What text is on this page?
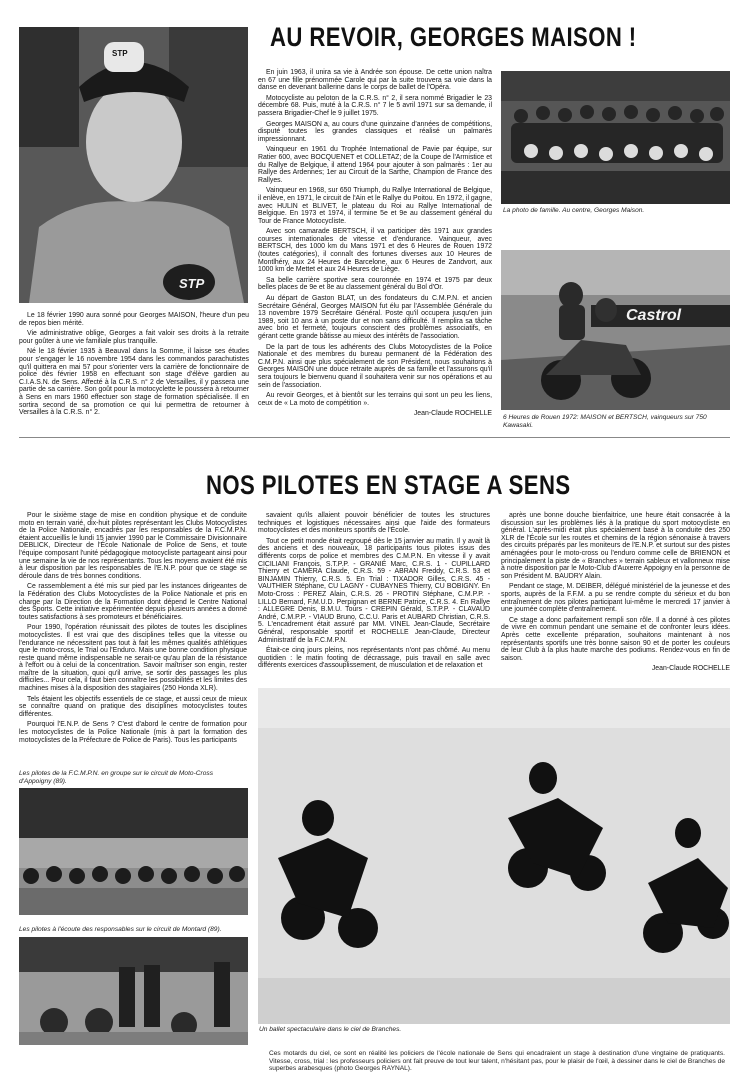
STP
STP
AU REVOIR, GEORGES MAISON !

Le 18 février 1990 aura sonné pour Georges MAISON, l'heure d'un peu de repos bien mérité.

Vie administrative oblige, Georges a fait valoir ses droits à la retraite pour goûter à une vie familiale plus tranquille.

Né le 18 février 1935 à Beauval dans la Somme, il laisse ses études pour s'engager le 16 novembre 1954 dans les commandos parachutistes qu'il quittera en mai 57 pour s'orienter vers la carrière de fonctionnaire de police dès février 1958 en effectuant son stage d'élève gardien au C.I.A.S.N. de Sens. Affecté à la C.R.S. n° 2 de Versailles, il y passera une partie de sa carrière. Son goût pour la motocyclette le poussera à retourner à Sens en mars 1960 effectuer son stage de formation spécialisée. Il en sortira second de sa promotion ce qui lui permettra de retourner à Versailles à la C.R.S. n° 2.

En juin 1963, il unira sa vie à Andrée son épouse. De cette union naîtra en 67 une fille prénommée Carole qui par la suite trouvera sa voie dans la danse en devenant ballerine dans le corps de ballet de l'Opéra.

Motocycliste au peloton de la C.R.S. n° 2, il sera nommé Brigadier le 23 décembre 68. Puis, muté à la C.R.S. n° 7 le 5 avril 1971 sur sa demande, il passera Brigadier-Chef le 9 juillet 1975.

Georges MAISON a, au cours d'une quinzaine d'années de compétitions, disputé toutes les grandes classiques et réalisé un palmarès impressionnant.

Vainqueur en 1961 du Trophée International de Pavie par équipe, sur Ratier 600, avec BOCQUENET et COLLETAZ; de la Coupe de l'Armistice et du Rallye de Belgique, il attend 1964 pour ajouter à son palmarès : 1er au Rallye des Ardennes; 1er au Circuit de la Sarthe, Champion de France des Rallyes.

Vainqueur en 1968, sur 650 Triumph, du Rallye International de Belgique, il enlève, en 1971, le circuit de l'Ain et le Rallye du Poitou. En 1972, il gagne, avec HULIN et BLIVET, le plateau du Roi au Rallye International de Belgique. En 1973 et 1974, il termine 5e et 9e au classement général du Tour de France Motocycliste.

Avec son camarade BERTSCH, il va participer dès 1971 aux grandes courses internationales de vitesse et d'endurance. Vainqueur, avec BERTSCH, des 1000 km du Mans 1971 et des 6 Heures de Rouen 1972 (toutes catégories), il connaît des fortunes diverses aux 10 Heures de Montlhéry, aux 24 Heures de Barcelone, aux 6 Heures de Zandvort, aux 1000 km de Mettet et aux 24 Heures de Liège.

Sa belle carrière sportive sera couronnée en 1974 et 1975 par deux belles places de 9e et 8e au classement général du Bol d'Or.

Au départ de Gaston BLAT, un des fondateurs du C.M.P.N. et ancien Secrétaire Général, Georges MAISON fut élu par l'Assemblée Générale du 13 novembre 1979 Secrétaire Général. Poste qu'il occupera jusqu'en juin 1989, soit 10 ans à un poste dur et non sans difficulté. Il remplira sa tâche avec brio et fermeté, toujours conscient des problèmes associatifs, en gérant cette grande bâtisse au mieux des intérêts de l'association.

De la part de tous les adhérents des Clubs Motocyclistes de la Police Nationale et des membres du bureau permanent de la Fédération des C.M.P.N. ainsi que plus spécialement de son Président, nous souhaitons à Georges MAISON une douce retraite auprès de sa famille et l'assurons qu'il sera toujours le bienvenu quand il souhaitera venir sur nos opérations et au sein de l'association.

Au revoir Georges, et à bientôt sur les terrains qui sont un peu les liens, ceux de « La moto de compétition ».

Jean-Claude ROCHELLE
La photo de famille. Au centre, Georges Maison.
Castrol
6 Heures de Rouen 1972: MAISON et BERTSCH, vainqueurs sur 750 Kawasaki.
NOS PILOTES EN STAGE A SENS

Pour le sixième stage de mise en condition physique et de conduite moto en terrain varié, dix-huit pilotes représentant les Clubs Motocyclistes de la Police Nationale, encadrés par les responsables de la F.C.M.P.N. étaient accueillis le lundi 15 janvier 1990 par le Commissaire Divisionnaire DEBLICK, Directeur de l'École Nationale de Police de Sens, et toute l'équipe composant l'unité pédagogique motocycliste partageant ainsi pour une semaine la vie de nos représentants. Tous les moyens avaient été mis à leur disposition par les responsables de l'E.N.P. pour que ce stage se déroule dans de très bonnes conditions.

Ce rassemblement a été mis sur pied par les instances dirigeantes de la Fédération des Clubs Motocyclistes de la Police Nationale et pris en charge par la Direction de la Formation dont dépend le Centre National des Sports. Cette initiative expérimentée depuis plusieurs années a donné toutes satisfactions à ses promoteurs et bénéficiaires.

Pour 1990, l'opération réunissait des pilotes de toutes les disciplines motocyclistes. Il est vrai que des disciplines telles que la vitesse ou l'endurance ne nécessitent pas tout à fait les mêmes qualités athlétiques que le moto-cross, le Trial ou l'Enduro. Mais une bonne condition physique reste quand même indispensable ne serait-ce qu'au plan de la résistance à l'effort ou à celui de la concentration. Savoir maîtriser son engin, rester maître de la situation, quoi qu'il arrive, se sortir des passages les plus difficiles... Pour cela, il faut bien connaître les possibilités et les limites des machines mises à la disposition des stagiaires (250 Honda XLR).

Tels étaient les objectifs essentiels de ce stage, et aussi ceux de mieux se connaître quand on pratique des disciplines motocyclistes toutes différentes.

Pourquoi l'E.N.P. de Sens ? C'est d'abord le centre de formation pour les motocyclistes de la Police Nationale (mis à part la formation des motocyclistes de la Préfecture de Police de Paris). Tous les participants

savaient qu'ils allaient pouvoir bénéficier de toutes les structures techniques et logistiques nécessaires ainsi que l'aide des formateurs motocyclistes et des moniteurs sportifs de l'École.

Tout ce petit monde était regroupé dès le 15 janvier au matin. Il y avait là des anciens et des nouveaux, 18 participants tous pilotes issus des différents corps de police et membres des C.M.P.N. En vitesse il y avait CICILIANI François, S.T.P.P. - GRANIÉ Marc, C.R.S. 1 - CUPILLARD Thierry et CAMERA Claude, C.R.S. 59 - ABRAN Freddy, C.R.S. 53 et BINJAMIN Thierry, C.R.S. 5. En Trial : TIXADOR Gilles, C.R.S. 45 - VAUTHIER Stéphane, CU LAGNY - CUBAYNES Thierry, CU BOBIGNY. En Moto-Cross : PEREZ Alain, C.R.S. 26 - PROTIN Stéphane, C.M.P.P. - LILLO Bernard, F.M.U.D. Perpignan et BERNE Patrice, C.R.S. 4. En Rallye : ALLEGRE Denis, B.M.U. Tours - CREPIN Gérald, S.T.P.P. - CLAVAUD André, C.M.P.P. - VIAUD Bruno, C.C.U. Paris et AUBARD Christian, C.R.S. 5. L'encadrement était assuré par MM. VINEL Jean-Claude, Secrétaire Général, responsable sportif et ROCHELLE Jean-Claude, Directeur Administratif de la F.C.M.P.N.

Était-ce cinq jours pleins, nos représentants n'ont pas chômé. Au menu quotidien : le matin footing de décrassage, puis travail en salle avec différents exercices d'assouplissement, de musculation et de relaxation et

après une bonne douche bienfaitrice, une heure était consacrée à la discussion sur les problèmes liés à la pratique du sport motocycliste en général. L'après-midi était plus spécialement basé à la conduite des 250 XLR de l'École sur les routes et chemins de la région sénonaise à travers des circuits préparés par les moniteurs de l'E.N.P. et surtout sur des pistes aménagées pour le moto-cross ou l'enduro comme celle de BRIENON et principalement la piste de « Branches » terrain sableux et vallonneux mise à notre disposition par le Moto-Club d'Auxerre Appoigny en la personne de son Président M. BAUDRY Alain.

Pendant ce stage, M. DEIBER, délégué ministériel de la jeunesse et des sports, auprès de la F.F.M. a pu se rendre compte du sérieux et du bon entraînement de nos pilotes participant lui-même le mercredi 17 janvier à une journée complète d'entraînement.

Ce stage a donc parfaitement rempli son rôle. Il a donné à ces pilotes de vivre en commun pendant une semaine et de confronter leurs idées. Après cette excellente préparation, souhaitons maintenant à nos représentants sportifs une très bonne saison 90 et de porter les couleurs de leur Club à la plus haute marche des podiums. Rendez-vous en fin de saison.

Jean-Claude ROCHELLE
Les pilotes de la F.C.M.P.N. en groupe sur le circuit de Moto-Cross d'Appoigny (89).
Les pilotes à l'écoute des responsables sur le circuit de Montard (89).
Un ballet spectaculaire dans le ciel de Branches.
Ces motards du ciel, ce sont en réalité les policiers de l'école nationale de Sens qui encadraient un stage à destination d'une vingtaine de pratiquants. Vitesse, cross, trial : les professeurs policiers ont fait preuve de tout leur talent, n'hésitant pas, pour le plaisir de l'œil, à dessiner dans le ciel de Branches de superbes arabesques (photo Georges RAYNAL).
